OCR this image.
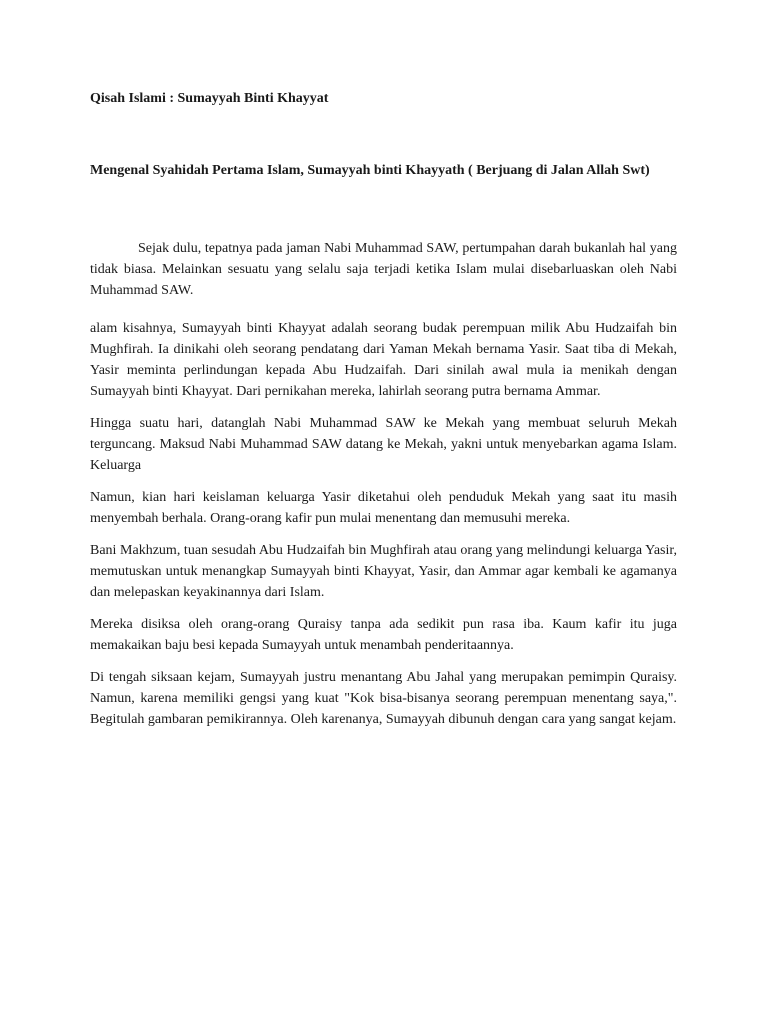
Qisah Islami : Sumayyah Binti Khayyat

Mengenal Syahidah Pertama Islam, Sumayyah binti Khayyath ( Berjuang di Jalan Allah Swt)

Sejak dulu, tepatnya pada jaman Nabi Muhammad SAW, pertumpahan darah bukanlah hal yang tidak biasa. Melainkan sesuatu yang selalu saja terjadi ketika Islam mulai disebarluaskan oleh Nabi Muhammad SAW.

alam kisahnya, Sumayyah binti Khayyat adalah seorang budak perempuan milik Abu Hudzaifah bin Mughfirah. Ia dinikahi oleh seorang pendatang dari Yaman Mekah bernama Yasir. Saat tiba di Mekah, Yasir meminta perlindungan kepada Abu Hudzaifah. Dari sinilah awal mula ia menikah dengan Sumayyah binti Khayyat. Dari pernikahan mereka, lahirlah seorang putra bernama Ammar.

Hingga suatu hari, datanglah Nabi Muhammad SAW ke Mekah yang membuat seluruh Mekah terguncang. Maksud Nabi Muhammad SAW datang ke Mekah, yakni untuk menyebarkan agama Islam. Keluarga

Namun, kian hari keislaman keluarga Yasir diketahui oleh penduduk Mekah yang saat itu masih menyembah berhala. Orang-orang kafir pun mulai menentang dan memusuhi mereka.

Bani Makhzum, tuan sesudah Abu Hudzaifah bin Mughfirah atau orang yang melindungi keluarga Yasir, memutuskan untuk menangkap Sumayyah binti Khayyat, Yasir, dan Ammar agar kembali ke agamanya dan melepaskan keyakinannya dari Islam.

Mereka disiksa oleh orang-orang Quraisy tanpa ada sedikit pun rasa iba. Kaum kafir itu juga memakaikan baju besi kepada Sumayyah untuk menambah penderitaannya.

Di tengah siksaan kejam, Sumayyah justru menantang Abu Jahal yang merupakan pemimpin Quraisy. Namun, karena memiliki gengsi yang kuat "Kok bisa-bisanya seorang perempuan menentang saya,". Begitulah gambaran pemikirannya. Oleh karenanya, Sumayyah dibunuh dengan cara yang sangat kejam.
